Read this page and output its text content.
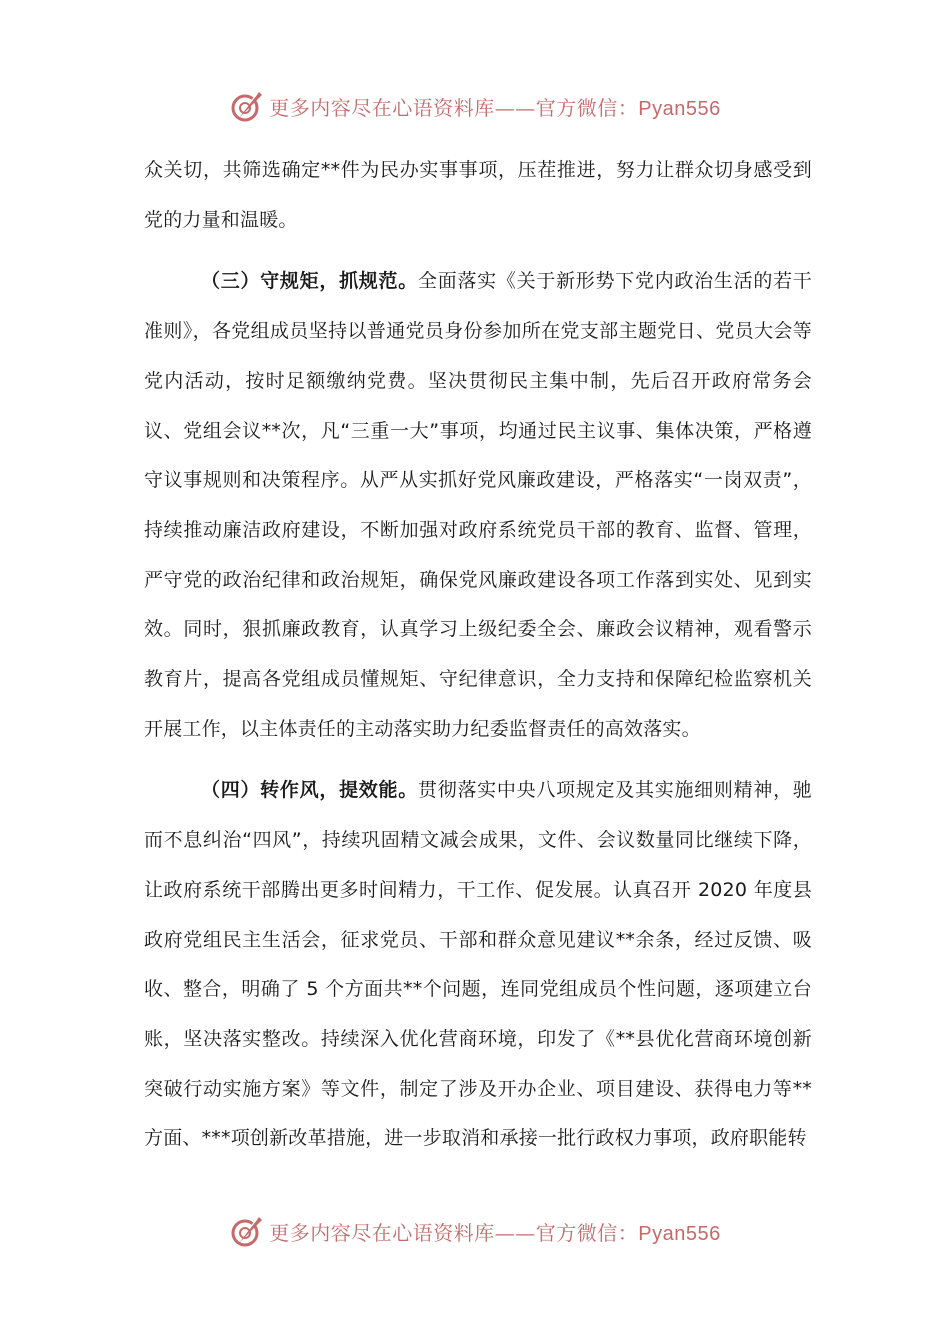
更多内容尽在心语资料库——官方微信：Pyan556

众关切，共筛选确定**件为民办实事事项，压茬推进，努力让群众切身感受到党的力量和温暖。

（三）守规矩，抓规范。全面落实《关于新形势下党内政治生活的若干准则》，各党组成员坚持以普通党员身份参加所在党支部主题党日、党员大会等党内活动，按时足额缴纳党费。坚决贯彻民主集中制，先后召开政府常务会议、党组会议**次，凡“三重一大”事项，均通过民主议事、集体决策，严格遵守议事规则和决策程序。从严从实抓好党风廉政建设，严格落实“一岗双责”，持续推动廉洁政府建设，不断加强对政府系统党员干部的教育、监督、管理，严守党的政治纪律和政治规矩，确保党风廉政建设各项工作落到实处、见到实效。同时，狠抓廉政教育，认真学习上级纪委全会、廉政会议精神，观看警示教育片，提高各党组成员懂规矩、守纪律意识，全力支持和保障纪检监察机关开展工作，以主体责任的主动落实助力纪委监督责任的高效落实。

（四）转作风，提效能。贯彻落实中央八项规定及其实施细则精神，驰而不息纠治“四风”，持续巩固精文减会成果，文件、会议数量同比继续下降，让政府系统干部腾出更多时间精力，干工作、促发展。认真召开 2020 年度县政府党组民主生活会，征求党员、干部和群众意见建议**余条，经过反馈、吸收、整合，明确了 5 个方面共**个问题，连同党组成员个性问题，逐项建立台账，坚决落实整改。持续深入优化营商环境，印发了《**县优化营商环境创新突破行动实施方案》等文件，制定了涉及开办企业、项目建设、获得电力等**方面、***项创新改革措施，进一步取消和承接一批行政权力事项，政府职能转

更多内容尽在心语资料库——官方微信：Pyan556
